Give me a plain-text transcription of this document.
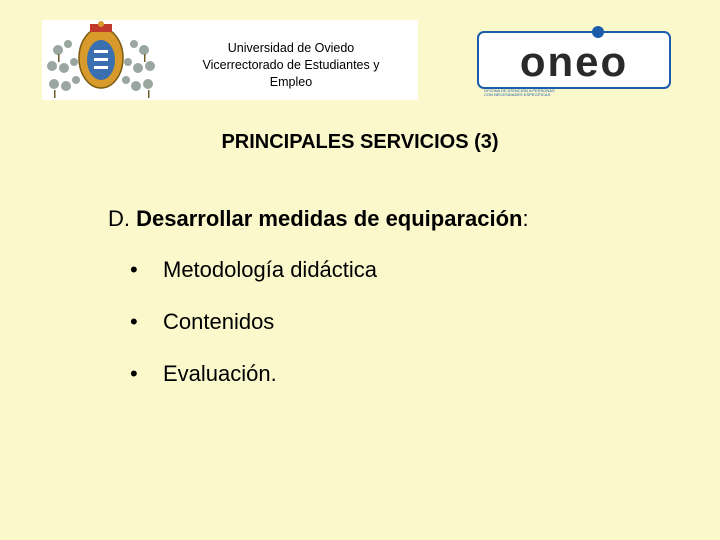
Universidad de Oviedo
Vicerrectorado de Estudiantes y
Empleo	oneo
OFICINA DE ATENCIÓN A PERSONAS
CON NECESIDADES ESPECÍFICAS
PRINCIPALES SERVICIOS (3)
D. Desarrollar medidas de equiparación:
• Metodología didáctica
• Contenidos
• Evaluación.
